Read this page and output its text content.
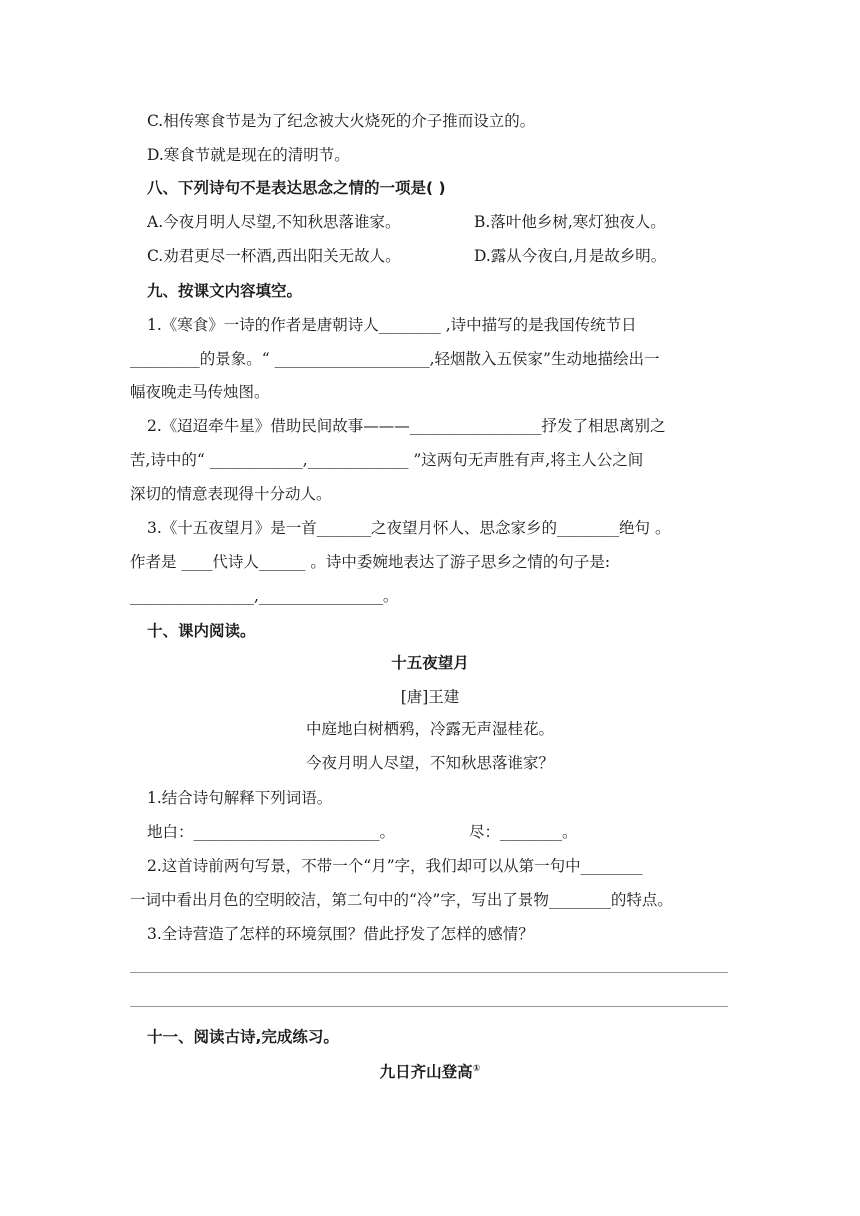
C.相传寒食节是为了纪念被大火烧死的介子推而设立的。
D.寒食节就是现在的清明节。
八、下列诗句不是表达思念之情的一项是( )
A.今夜月明人尽望,不知秋思落谁家。	B.落叶他乡树,寒灯独夜人。
C.劝君更尽一杯酒,西出阳关无故人。	D.露从今夜白,月是故乡明。
九、按课文内容填空。
1.《寒食》一诗的作者是唐朝诗人________ ,诗中描写的是我国传统节日
_________的景象。“ ____________________,轻烟散入五侯家”生动地描绘出一
幅夜晚走马传烛图。
2.《迢迢牵牛星》借助民间故事———_________________抒发了相思离别之
苦,诗中的“ ____________,_____________ ”这两句无声胜有声,将主人公之间
深切的情意表现得十分动人。
3.《十五夜望月》是一首_______之夜望月怀人、思念家乡的________绝句 。
作者是 ____代诗人______ 。诗中委婉地表达了游子思乡之情的句子是:
________________,________________。
十、课内阅读。
十五夜望月
[唐]王建
中庭地白树栖鸦，冷露无声湿桂花。
今夜月明人尽望，不知秋思落谁家？
1.结合诗句解释下列词语。
地白：________________________。	尽：________。
2.这首诗前两句写景，不带一个“月”字，我们却可以从第一句中________
一词中看出月色的空明皎洁，第二句中的“冷”字，写出了景物________的特点。
3.全诗营造了怎样的环境氛围？借此抒发了怎样的感情？
十一、阅读古诗,完成练习。
九日齐山登高①
